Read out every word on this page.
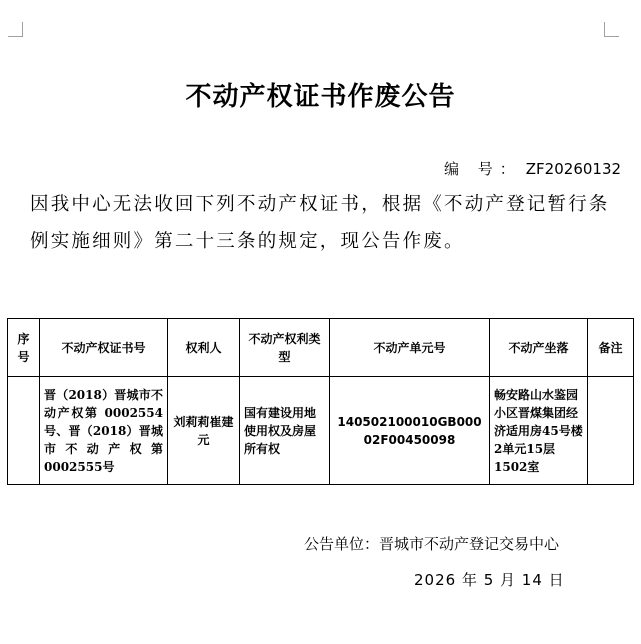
不动产权证书作废公告
编 号： ZF20260132
因我中心无法收回下列不动产权证书，根据《不动产登记暂行条例实施细则》第二十三条的规定，现公告作废。
序号	不动产权证书号	权利人	不动产权利类型	不动产单元号	不动产坐落	备注
	晋（2018）晋城市不动产权第 0002554号、晋（2018）晋城市不动产权第0002555号	刘莉莉崔建元	国有建设用地使用权及房屋所有权	140502100010GB00002F00450098	畅安路山水鉴园小区晋煤集团经济适用房45号楼2单元15层1502室	
公告单位：晋城市不动产登记交易中心
2026 年 5 月 14 日
